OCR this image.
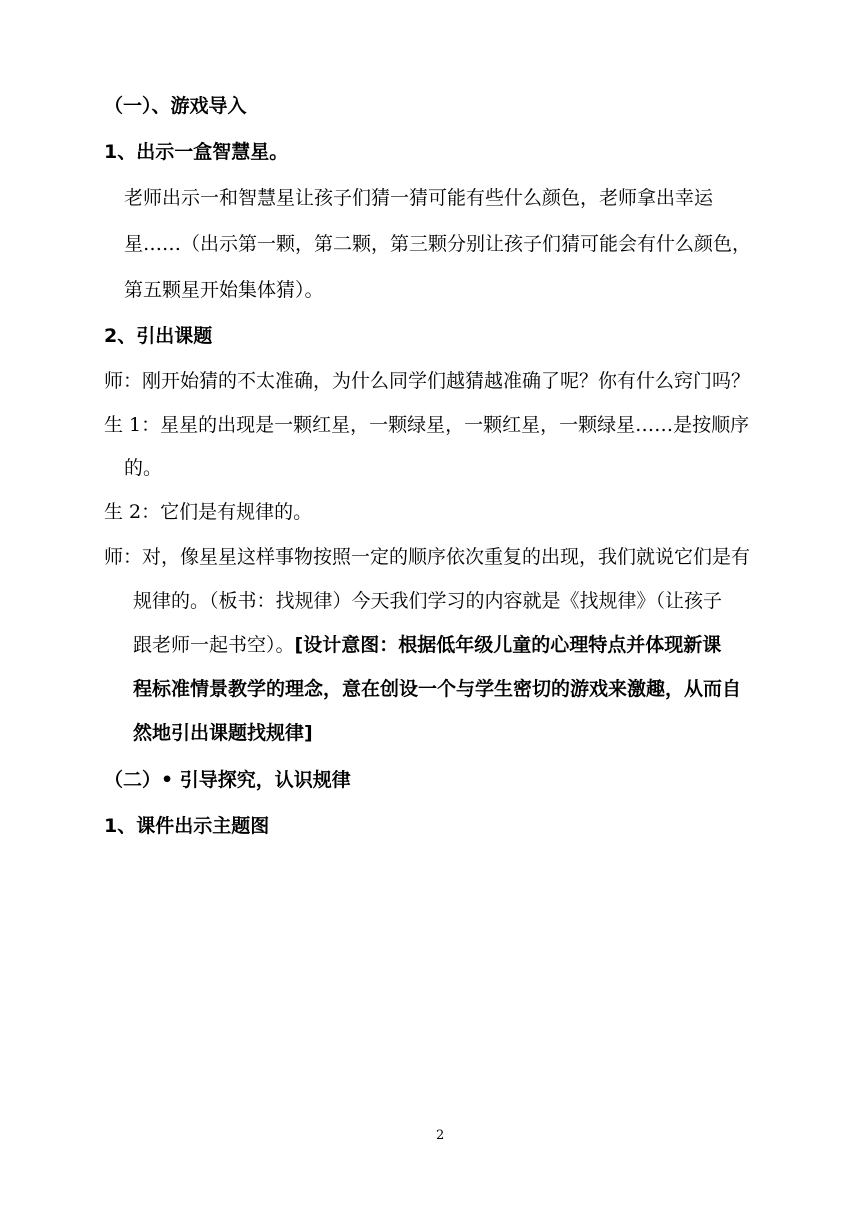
（一）、游戏导入
1、出示一盒智慧星。
老师出示一和智慧星让孩子们猜一猜可能有些什么颜色，老师拿出幸运
星……（出示第一颗，第二颗，第三颗分别让孩子们猜可能会有什么颜色，
第五颗星开始集体猜）。
2、引出课题
师：刚开始猜的不太准确，为什么同学们越猜越准确了呢？你有什么窍门吗？
生 1：星星的出现是一颗红星，一颗绿星，一颗红星，一颗绿星……是按顺序
的。
生 2：它们是有规律的。
师：对，像星星这样事物按照一定的顺序依次重复的出现，我们就说它们是有
规律的。（板书：找规律）今天我们学习的内容就是《找规律》（让孩子
跟老师一起书空）。[设计意图：根据低年级儿童的心理特点并体现新课
程标准情景教学的理念，意在创设一个与学生密切的游戏来激趣，从而自
然地引出课题找规律]
（二）• 引导探究，认识规律
1、课件出示主题图
2
